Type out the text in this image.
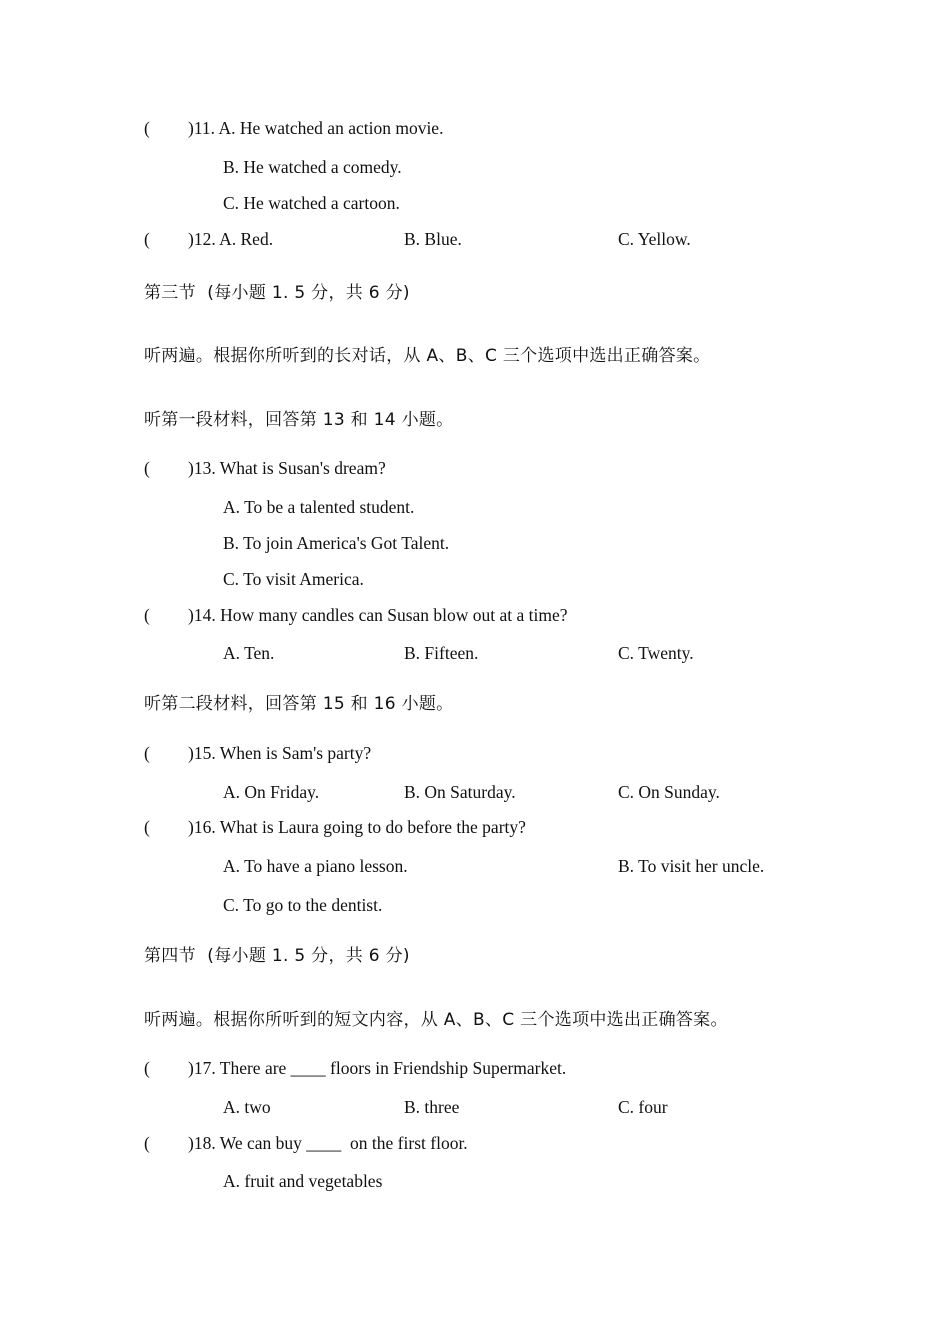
( )11. A. He watched an action movie.
B. He watched a comedy.
C. He watched a cartoon.
( )12. A. Red.	B. Blue.	C. Yellow.
第三节  (每小题 1. 5 分，共 6 分)
听两遍。根据你所听到的长对话，从 A、B、C 三个选项中选出正确答案。
听第一段材料，回答第 13 和 14 小题。
( )13. What is Susan's dream?
A. To be a talented student.
B. To join America's Got Talent.
C. To visit America.
( )14. How many candles can Susan blow out at a time?
A. Ten.	B. Fifteen.	C. Twenty.
听第二段材料，回答第 15 和 16 小题。
( )15. When is Sam's party?
A. On Friday.	B. On Saturday.	C. On Sunday.
( )16. What is Laura going to do before the party?
A. To have a piano lesson.	B. To visit her uncle.
C. To go to the dentist.
第四节  (每小题 1. 5 分，共 6 分)
听两遍。根据你所听到的短文内容，从 A、B、C 三个选项中选出正确答案。
( )17. There are ____ floors in Friendship Supermarket.
A. two	B. three	C. four
( )18. We can buy ____  on the first floor.
A. fruit and vegetables
